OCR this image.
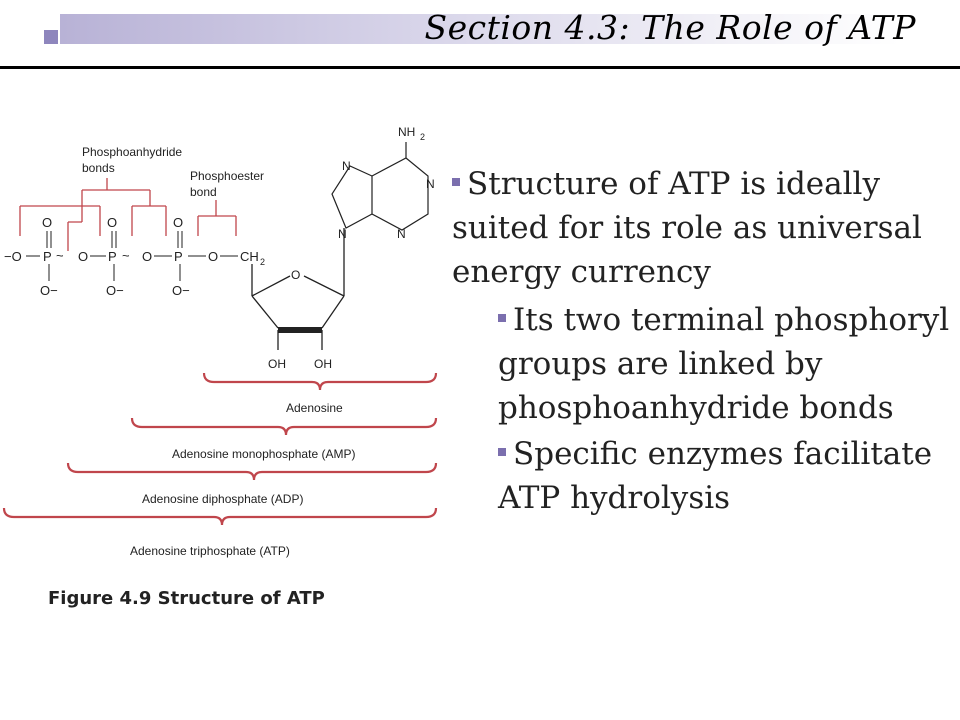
Section 4.3: The Role of ATP
Phosphoanhydride
bonds
Phosphoester
bond
−O P
O
O−
~ O P
O
O−
~ O P
O
O−
O CH 2
O
OH OH
NH 2
N
N
N
N
Adenosine
Adenosine monophosphate (AMP)
Adenosine diphosphate (ADP)
Adenosine triphosphate (ATP)
Figure 4.9 Structure of ATP
Structure of ATP is ideally suited for its role as universal energy currency
Its two terminal phosphoryl groups are linked by phosphoanhydride bonds
Specific enzymes facilitate ATP hydrolysis
